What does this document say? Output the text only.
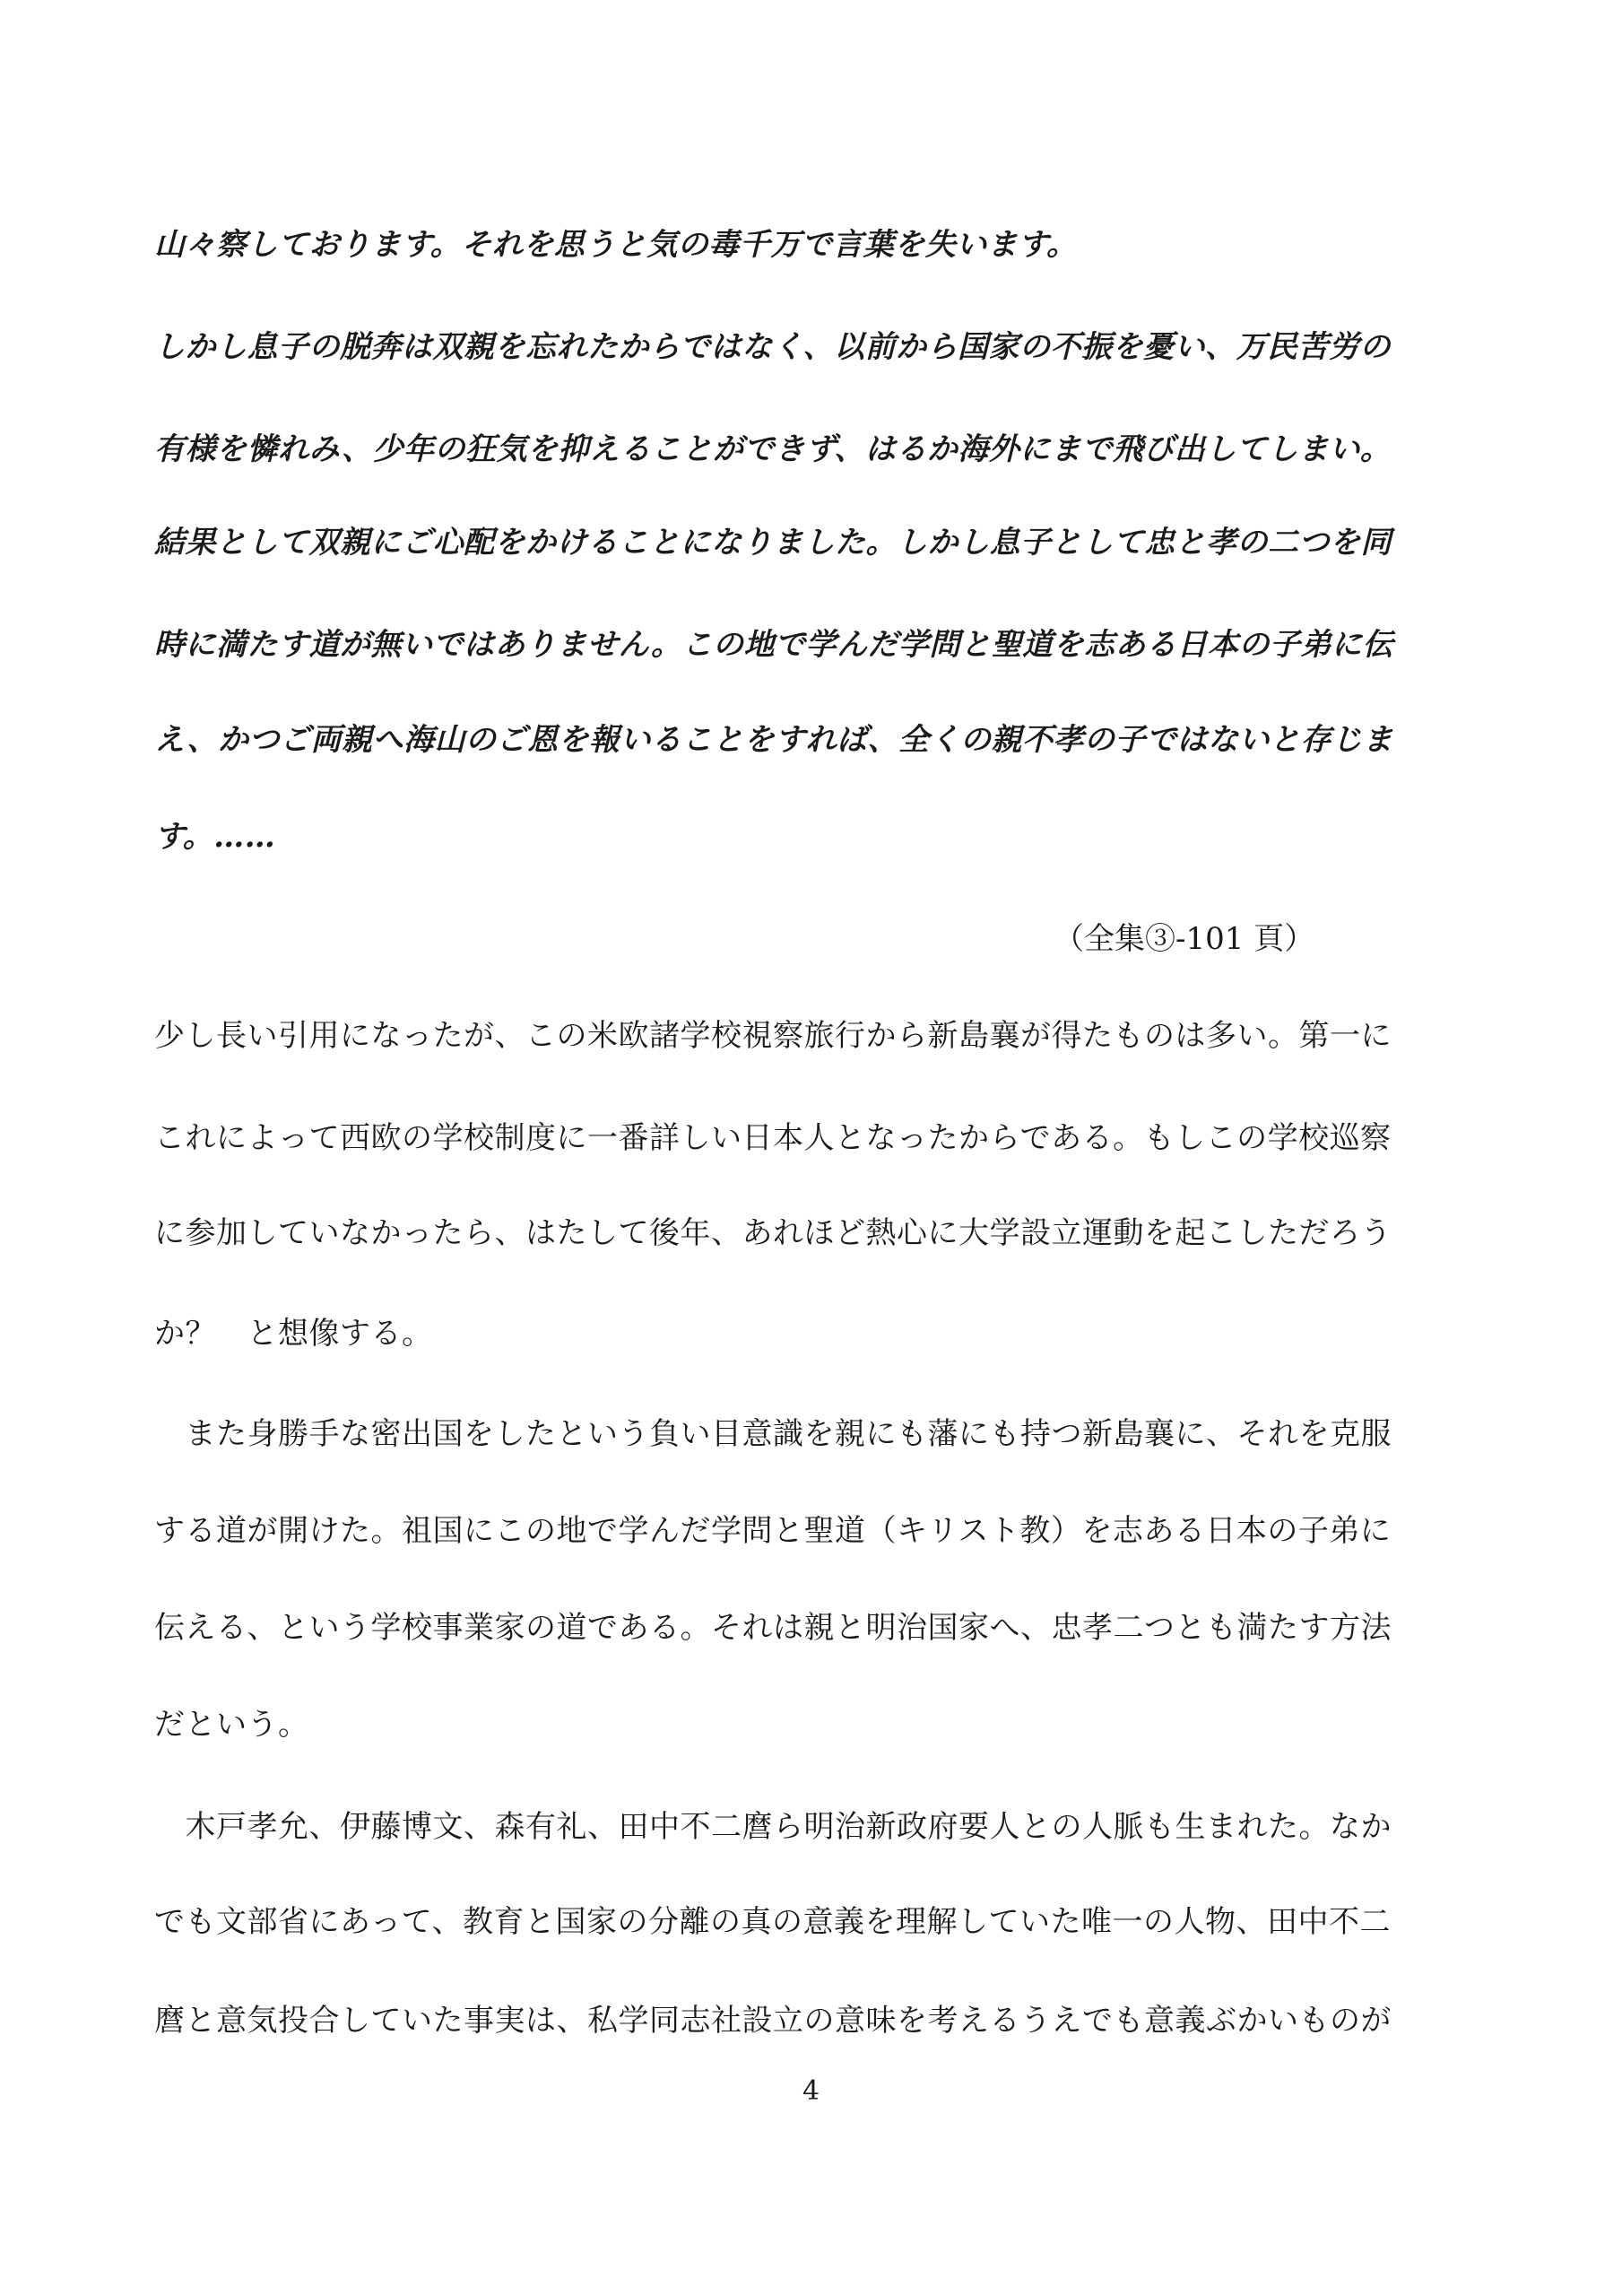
山々察しております。それを思うと気の毒千万で言葉を失います。
しかし息子の脱奔は双親を忘れたからではなく、以前から国家の不振を憂い、万民苦労の
有様を憐れみ、少年の狂気を抑えることができず、はるか海外にまで飛び出してしまい。
結果として双親にご心配をかけることになりました。しかし息子として忠と孝の二つを同
時に満たす道が無いではありません。この地で学んだ学問と聖道を志ある日本の子弟に伝
え、かつご両親へ海山のご恩を報いることをすれば、全くの親不孝の子ではないと存じま
す。……
（全集③-101 頁）
少し長い引用になったが、この米欧諸学校視察旅行から新島襄が得たものは多い。第一に
これによって西欧の学校制度に一番詳しい日本人となったからである。もしこの学校巡察
に参加していなかったら、はたして後年、あれほど熱心に大学設立運動を起こしただろう
か？　と想像する。
　また身勝手な密出国をしたという負い目意識を親にも藩にも持つ新島襄に、それを克服
する道が開けた。祖国にこの地で学んだ学問と聖道（キリスト教）を志ある日本の子弟に
伝える、という学校事業家の道である。それは親と明治国家へ、忠孝二つとも満たす方法
だという。
　木戸孝允、伊藤博文、森有礼、田中不二麿ら明治新政府要人との人脈も生まれた。なか
でも文部省にあって、教育と国家の分離の真の意義を理解していた唯一の人物、田中不二
麿と意気投合していた事実は、私学同志社設立の意味を考えるうえでも意義ぶかいものが
4
